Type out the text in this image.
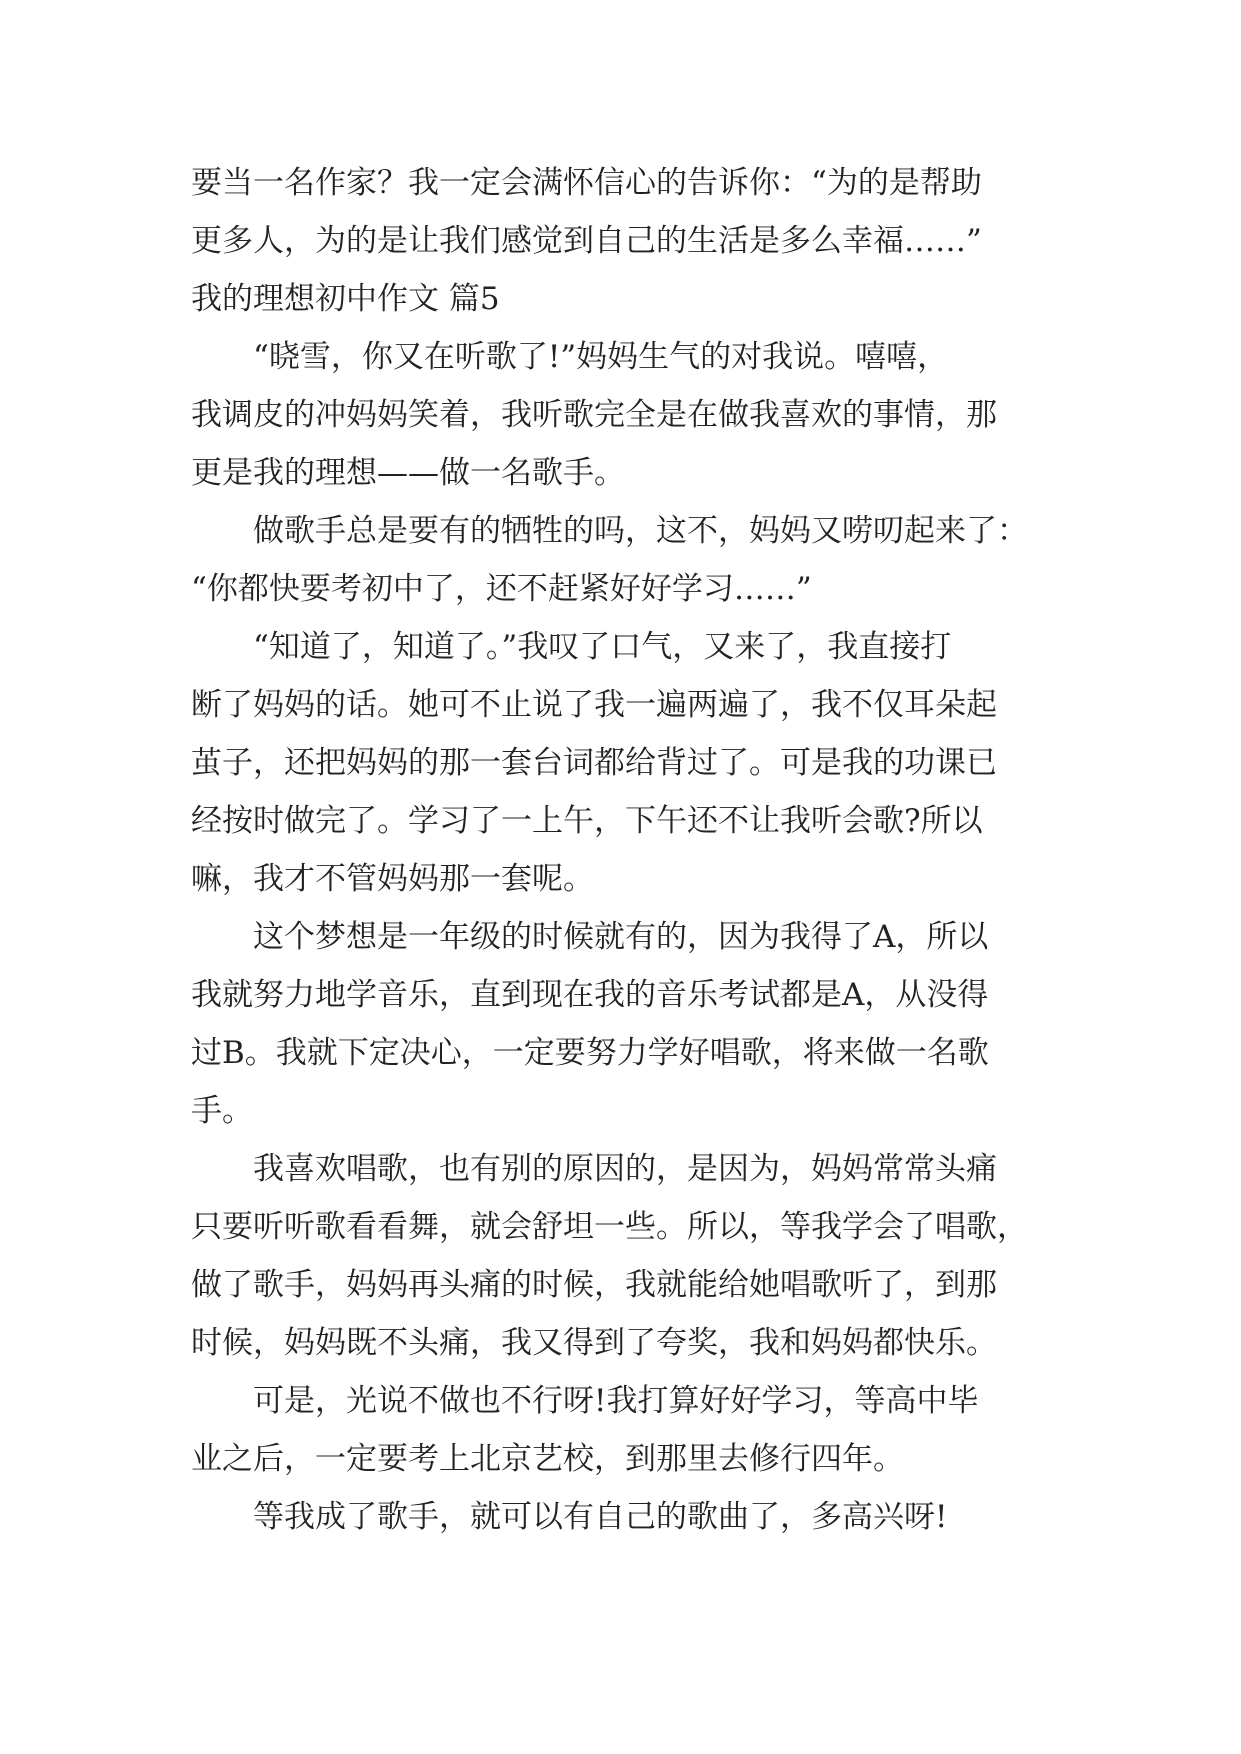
要当一名作家？我一定会满怀信心的告诉你：“为的是帮助
更多人，为的是让我们感觉到自己的生活是多么幸福……”
我的理想初中作文 篇5
“晓雪，你又在听歌了!”妈妈生气的对我说。嘻嘻，
我调皮的冲妈妈笑着，我听歌完全是在做我喜欢的事情，那
更是我的理想——做一名歌手。
做歌手总是要有的牺牲的吗，这不，妈妈又唠叨起来了：
“你都快要考初中了，还不赶紧好好学习……”
“知道了，知道了。”我叹了口气，又来了，我直接打
断了妈妈的话。她可不止说了我一遍两遍了，我不仅耳朵起
茧子，还把妈妈的那一套台词都给背过了。可是我的功课已
经按时做完了。学习了一上午，下午还不让我听会歌?所以
嘛，我才不管妈妈那一套呢。
这个梦想是一年级的时候就有的，因为我得了A，所以
我就努力地学音乐，直到现在我的音乐考试都是A，从没得
过B。我就下定决心，一定要努力学好唱歌，将来做一名歌
手。
我喜欢唱歌，也有别的原因的，是因为，妈妈常常头痛
只要听听歌看看舞，就会舒坦一些。所以，等我学会了唱歌，
做了歌手，妈妈再头痛的时候，我就能给她唱歌听了，到那
时候，妈妈既不头痛，我又得到了夸奖，我和妈妈都快乐。
可是，光说不做也不行呀!我打算好好学习，等高中毕
业之后，一定要考上北京艺校，到那里去修行四年。
等我成了歌手，就可以有自己的歌曲了，多高兴呀!
